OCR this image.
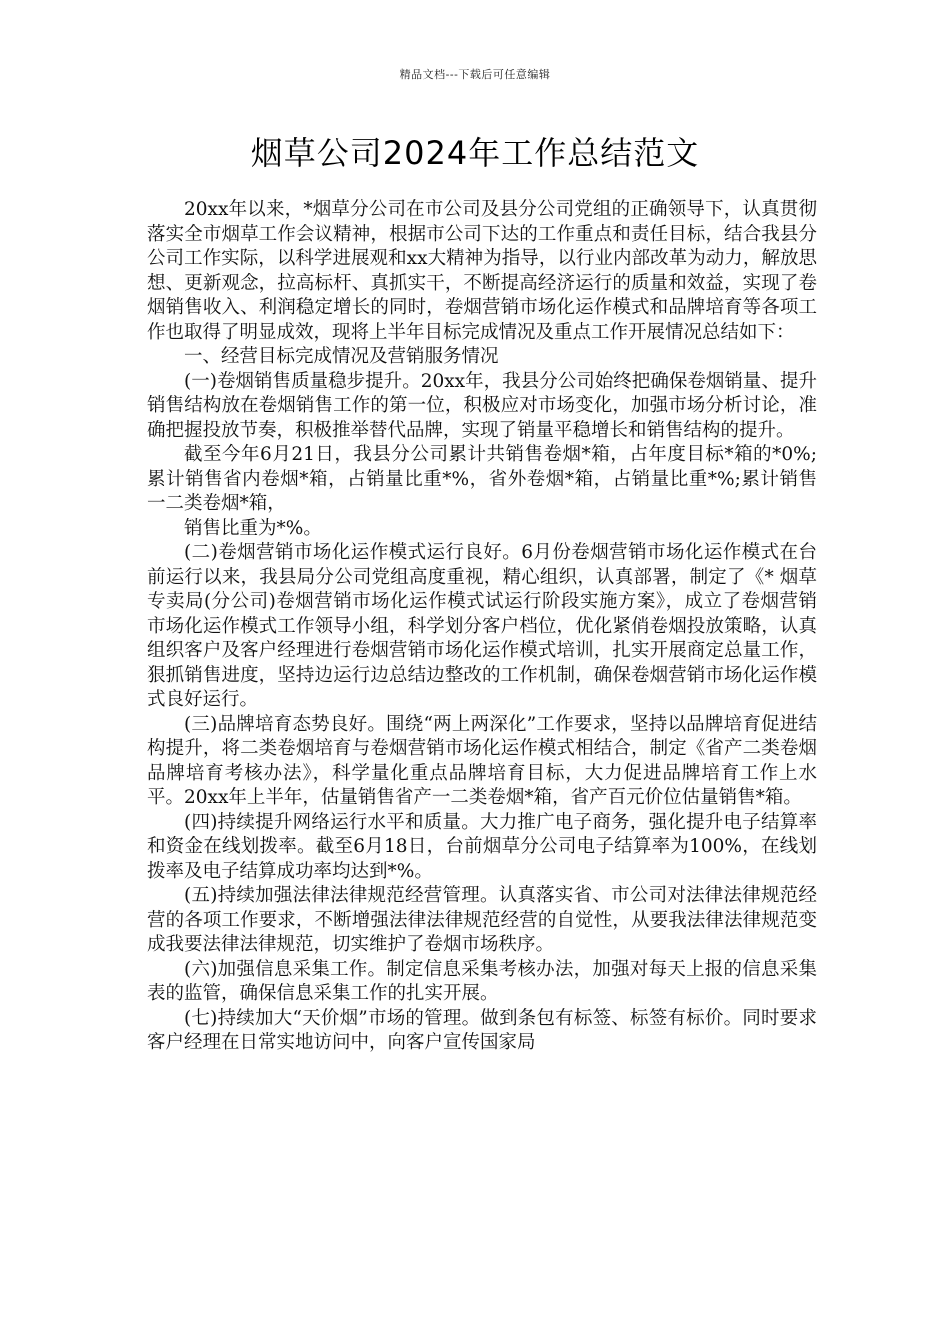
精品文档---下载后可任意编辑
烟草公司2024年工作总结范文

20xx年以来，*烟草分公司在市公司及县分公司党组的正确领导下，认真贯彻落实全市烟草工作会议精神，根据市公司下达的工作重点和责任目标，结合我县分公司工作实际，以科学进展观和xx大精神为指导，以行业内部改革为动力，解放思想、更新观念，拉高标杆、真抓实干，不断提高经济运行的质量和效益，实现了卷烟销售收入、利润稳定增长的同时，卷烟营销市场化运作模式和品牌培育等各项工作也取得了明显成效，现将上半年目标完成情况及重点工作开展情况总结如下：

一、经营目标完成情况及营销服务情况

(一)卷烟销售质量稳步提升。20xx年，我县分公司始终把确保卷烟销量、提升销售结构放在卷烟销售工作的第一位，积极应对市场变化，加强市场分析讨论，准确把握投放节奏，积极推举替代品牌，实现了销量平稳增长和销售结构的提升。

截至今年6月21日，我县分公司累计共销售卷烟*箱，占年度目标*箱的*0%;累计销售省内卷烟*箱，占销量比重*%，省外卷烟*箱，占销量比重*%;累计销售一二类卷烟*箱，

销售比重为*%。

(二)卷烟营销市场化运作模式运行良好。6月份卷烟营销市场化运作模式在台前运行以来，我县局分公司党组高度重视，精心组织，认真部署，制定了《* 烟草专卖局(分公司)卷烟营销市场化运作模式试运行阶段实施方案》，成立了卷烟营销市场化运作模式工作领导小组，科学划分客户档位，优化紧俏卷烟投放策略，认真组织客户及客户经理进行卷烟营销市场化运作模式培训，扎实开展商定总量工作，狠抓销售进度，坚持边运行边总结边整改的工作机制，确保卷烟营销市场化运作模式良好运行。

(三)品牌培育态势良好。围绕“两上两深化”工作要求，坚持以品牌培育促进结构提升，将二类卷烟培育与卷烟营销市场化运作模式相结合，制定《省产二类卷烟品牌培育考核办法》，科学量化重点品牌培育目标，大力促进品牌培育工作上水平。20xx年上半年，估量销售省产一二类卷烟*箱，省产百元价位估量销售*箱。

(四)持续提升网络运行水平和质量。大力推广电子商务，强化提升电子结算率和资金在线划拨率。截至6月18日，台前烟草分公司电子结算率为100%，在线划拨率及电子结算成功率均达到*%。

(五)持续加强法律法律规范经营管理。认真落实省、市公司对法律法律规范经营的各项工作要求，不断增强法律法律规范经营的自觉性，从要我法律法律规范变成我要法律法律规范，切实维护了卷烟市场秩序。

(六)加强信息采集工作。制定信息采集考核办法，加强对每天上报的信息采集表的监管，确保信息采集工作的扎实开展。

(七)持续加大“天价烟”市场的管理。做到条包有标签、标签有标价。同时要求客户经理在日常实地访问中，向客户宣传国家局
